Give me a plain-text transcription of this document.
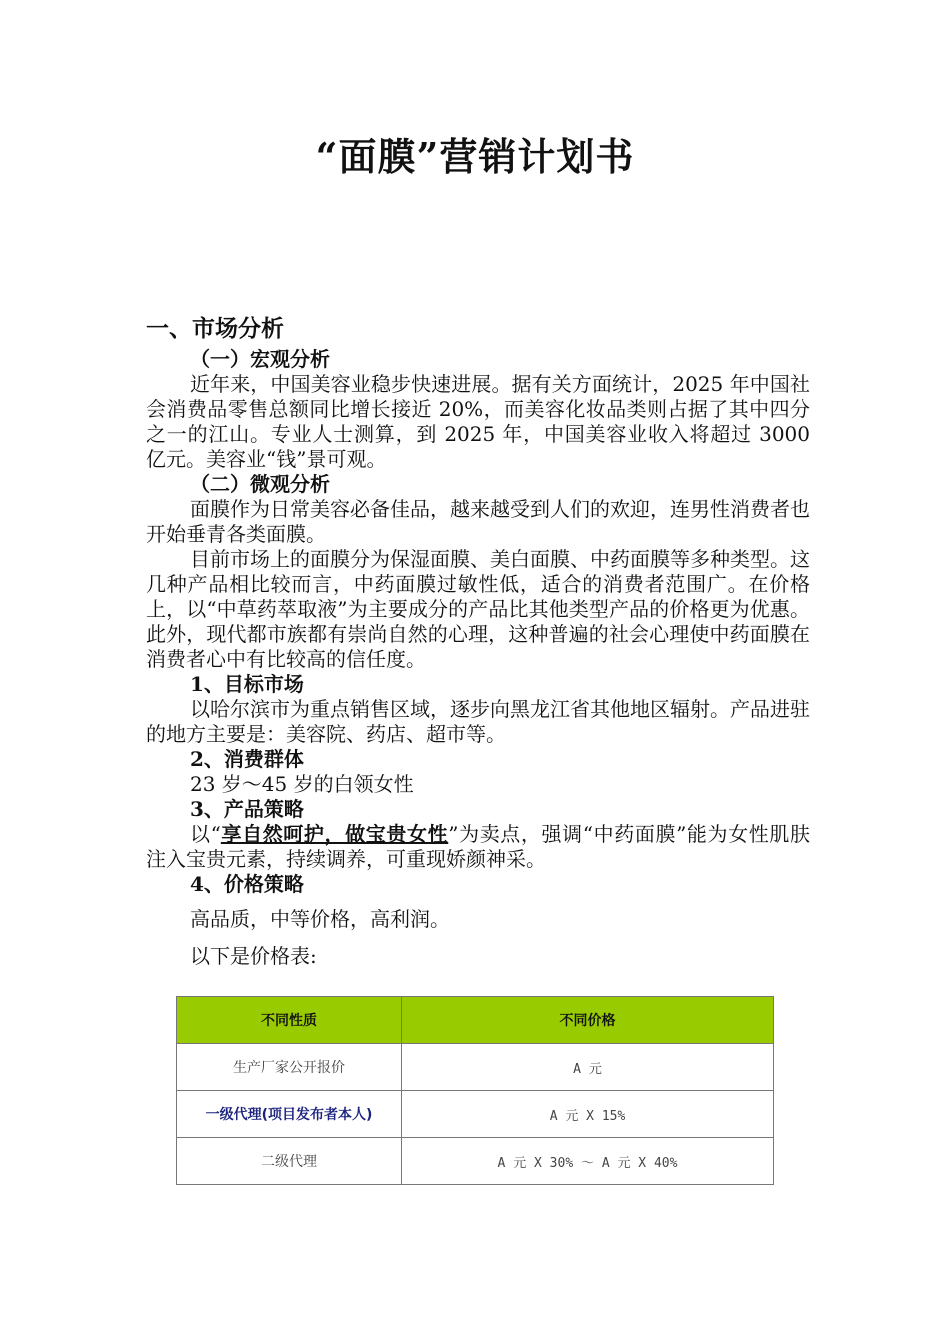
“面膜”营销计划书
一、市场分析

（一）宏观分析

近年来，中国美容业稳步快速进展。据有关方面统计，2025 年中国社会消费品零售总额同比增长接近 20%，而美容化妆品类则占据了其中四分之一的江山。专业人士测算，到 2025 年，中国美容业收入将超过 3000 亿元。美容业“钱”景可观。

（二）微观分析

面膜作为日常美容必备佳品，越来越受到人们的欢迎，连男性消费者也开始垂青各类面膜。

目前市场上的面膜分为保湿面膜、美白面膜、中药面膜等多种类型。这几种产品相比较而言，中药面膜过敏性低，适合的消费者范围广。在价格上，以“中草药萃取液”为主要成分的产品比其他类型产品的价格更为优惠。此外，现代都市族都有崇尚自然的心理，这种普遍的社会心理使中药面膜在消费者心中有比较高的信任度。

1、目标市场

以哈尔滨市为重点销售区域，逐步向黑龙江省其他地区辐射。产品进驻的地方主要是：美容院、药店、超市等。

2、消费群体

23 岁～45 岁的白领女性

3、产品策略

以“享自然呵护，做宝贵女性”为卖点，强调“中药面膜”能为女性肌肤注入宝贵元素，持续调养，可重现娇颜神采。

4、价格策略

高品质，中等价格，高利润。

以下是价格表:

不同性质	不同价格
生产厂家公开报价	A 元
一级代理(项目发布者本人)	A 元 X 15%
二级代理	A 元 X 30% ～ A 元 X 40%
